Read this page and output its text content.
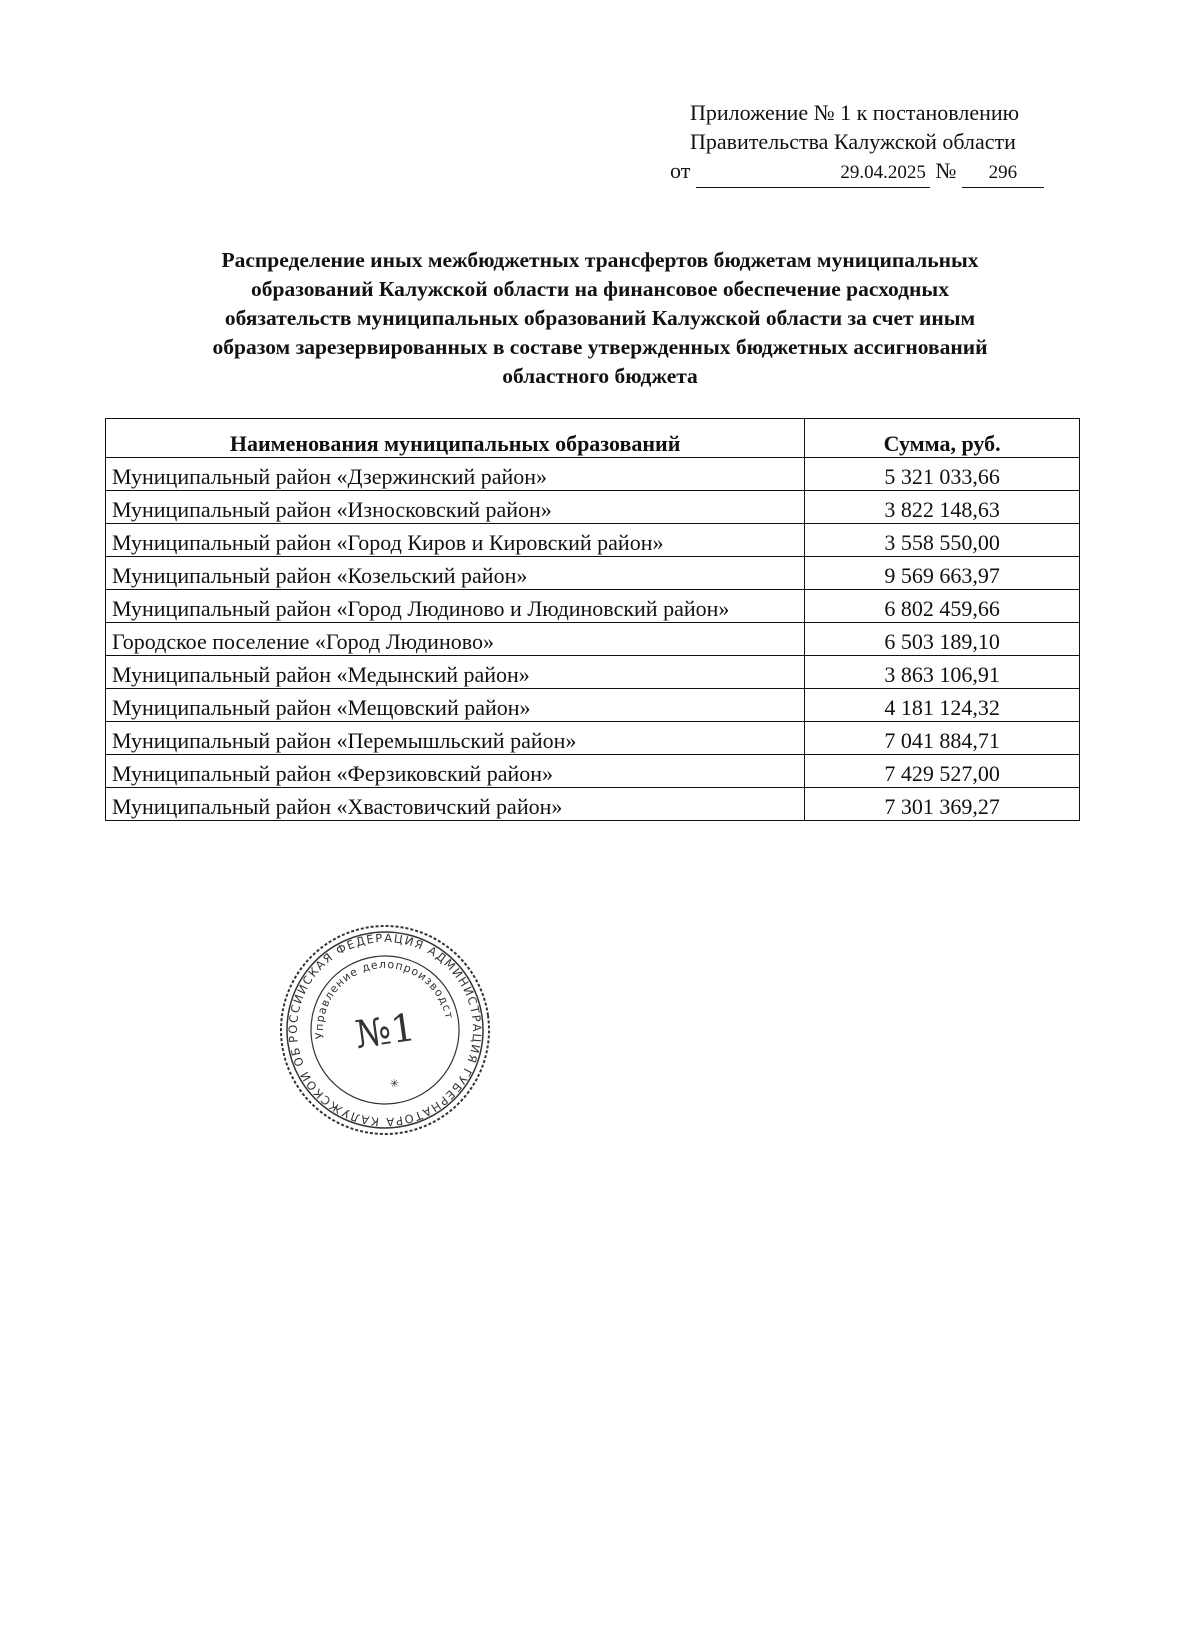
Приложение № 1 к постановлению
Правительства Калужской области
от	29.04.2025 № 296
Распределение иных межбюджетных трансфертов бюджетам муниципальных
образований Калужской области на финансовое обеспечение расходных
обязательств муниципальных образований Калужской области за счет иным
образом зарезервированных в составе утвержденных бюджетных ассигнований
областного бюджета
Наименования муниципальных образований	Сумма, руб.
Муниципальный район «Дзержинский район»	5 321 033,66
Муниципальный район «Износковский район»	3 822 148,63
Муниципальный район «Город Киров и Кировский район»	3 558 550,00
Муниципальный район «Козельский район»	9 569 663,97
Муниципальный район «Город Людиново и Людиновский район»	6 802 459,66
Городское поселение «Город Людиново»	6 503 189,10
Муниципальный район «Медынский район»	3 863 106,91
Муниципальный район «Мещовский район»	4 181 124,32
Муниципальный район «Перемышльский район»	7 041 884,71
Муниципальный район «Ферзиковский район»	7 429 527,00
Муниципальный район «Хвастовичский район»	7 301 369,27
РОССИЙСКАЯ ФЕДЕРАЦИЯ АДМИНИСТРАЦИЯ ГУБЕРНАТОРА КАЛУЖСКОЙ ОБЛАСТИ
Управление делопроизводства
№1
✳
